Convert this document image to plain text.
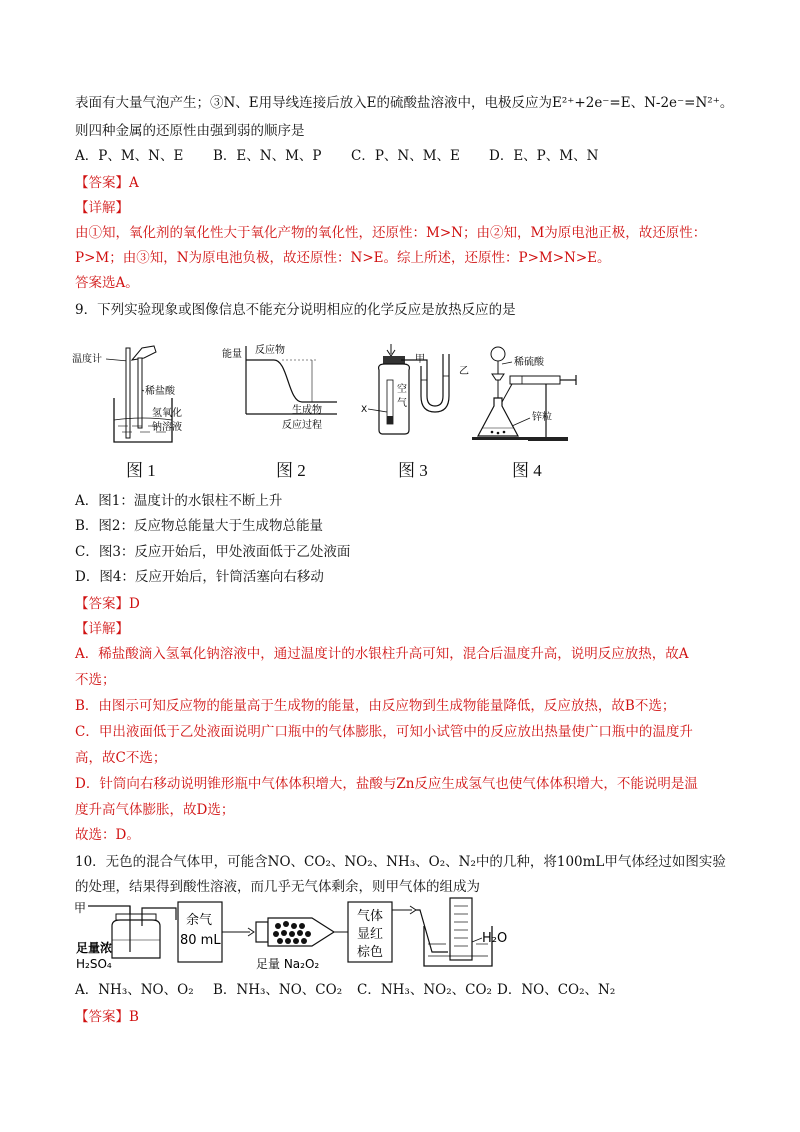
表面有大量气泡产生；③N、E用导线连接后放入E的硫酸盐溶液中，电极反应为E²⁺+2e⁻=E、N-2e⁻=N²⁺。
则四种金属的还原性由强到弱的顺序是
A．P、M、N、E B．E、N、M、P C．P、N、M、E D．E、P、M、N
【答案】A
【详解】
由①知，氧化剂的氧化性大于氧化产物的氧化性，还原性：M>N；由②知，M为原电池正极，故还原性：
P>M；由③知，N为原电池负极，故还原性：N>E。综上所述，还原性：P>M>N>E。
答案选A。
9．下列实验现象或图像信息不能充分说明相应的化学反应是放热反应的是
温度计
稀盐酸
氢氧化
钠溶液
图 1
能量 反应物
生成物
反应过程
图 2
空
气
X
甲
乙
图 3
稀硫酸
锌粒
图 4
A．图1：温度计的水银柱不断上升
B．图2：反应物总能量大于生成物总能量
C．图3：反应开始后，甲处液面低于乙处液面
D．图4：反应开始后，针筒活塞向右移动
【答案】D
【详解】
A．稀盐酸滴入氢氧化钠溶液中，通过温度计的水银柱升高可知，混合后温度升高，说明反应放热，故A
不选；
B．由图示可知反应物的能量高于生成物的能量，由反应物到生成物能量降低，反应放热，故B不选；
C．甲出液面低于乙处液面说明广口瓶中的气体膨胀，可知小试管中的反应放出热量使广口瓶中的温度升
高，故C不选；
D．针筒向右移动说明锥形瓶中气体体积增大，盐酸与Zn反应生成氢气也使气体体积增大，不能说明是温
度升高气体膨胀，故D选；
故选：D。
10．无色的混合气体甲，可能含NO、CO₂、NO₂、NH₃、O₂、N₂中的几种，将100mL甲气体经过如图实验
的处理，结果得到酸性溶液，而几乎无气体剩余，则甲气体的组成为
甲
足量浓
H₂SO₄
余气
80 mL
足量 Na₂O₂
气体
显红
棕色
H₂O
A．NH₃、NO、O₂ B．NH₃、NO、CO₂ C．NH₃、NO₂、CO₂ D．NO、CO₂、N₂
【答案】B
